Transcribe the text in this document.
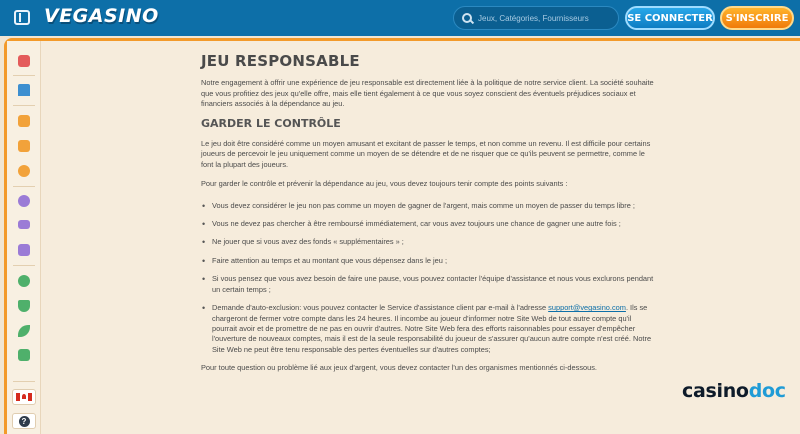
VEGASINO
Jeux, Catégories, Fournisseurs	SE CONNECTER	S'INSCRIRE
?
JEU RESPONSABLE
Notre engagement à offrir une expérience de jeu responsable est directement liée à la politique de notre service client. La société souhaite que vous profitiez des jeux qu'elle offre, mais elle tient également à ce que vous soyez conscient des éventuels préjudices sociaux et financiers associés à la dépendance au jeu.
GARDER LE CONTRÔLE
Le jeu doit être considéré comme un moyen amusant et excitant de passer le temps, et non comme un revenu. Il est difficile pour certains joueurs de percevoir le jeu uniquement comme un moyen de se détendre et de ne risquer que ce qu'ils peuvent se permettre, comme le font la plupart des joueurs.
Pour garder le contrôle et prévenir la dépendance au jeu, vous devez toujours tenir compte des points suivants :
• Vous devez considérer le jeu non pas comme un moyen de gagner de l'argent, mais comme un moyen de passer du temps libre ;
• Vous ne devez pas chercher à être remboursé immédiatement, car vous avez toujours une chance de gagner une autre fois ;
• Ne jouer que si vous avez des fonds « supplémentaires » ;
• Faire attention au temps et au montant que vous dépensez dans le jeu ;
• Si vous pensez que vous avez besoin de faire une pause, vous pouvez contacter l'équipe d'assistance et nous vous exclurons pendant un certain temps ;
• Demande d'auto-exclusion: vous pouvez contacter le Service d'assistance client par e-mail à l'adresse support@vegasino.com. Ils se chargeront de fermer votre compte dans les 24 heures. Il incombe au joueur d'informer notre Site Web de tout autre compte qu'il pourrait avoir et de promettre de ne pas en ouvrir d'autres. Notre Site Web fera des efforts raisonnables pour essayer d'empêcher l'ouverture de nouveaux comptes, mais il est de la seule responsabilité du joueur de s'assurer qu'aucun autre compte n'est créé. Notre Site Web ne peut être tenu responsable des pertes éventuelles sur d'autres comptes;
Pour toute question ou problème lié aux jeux d'argent, vous devez contacter l'un des organismes mentionnés ci-dessous.
casinodoc
